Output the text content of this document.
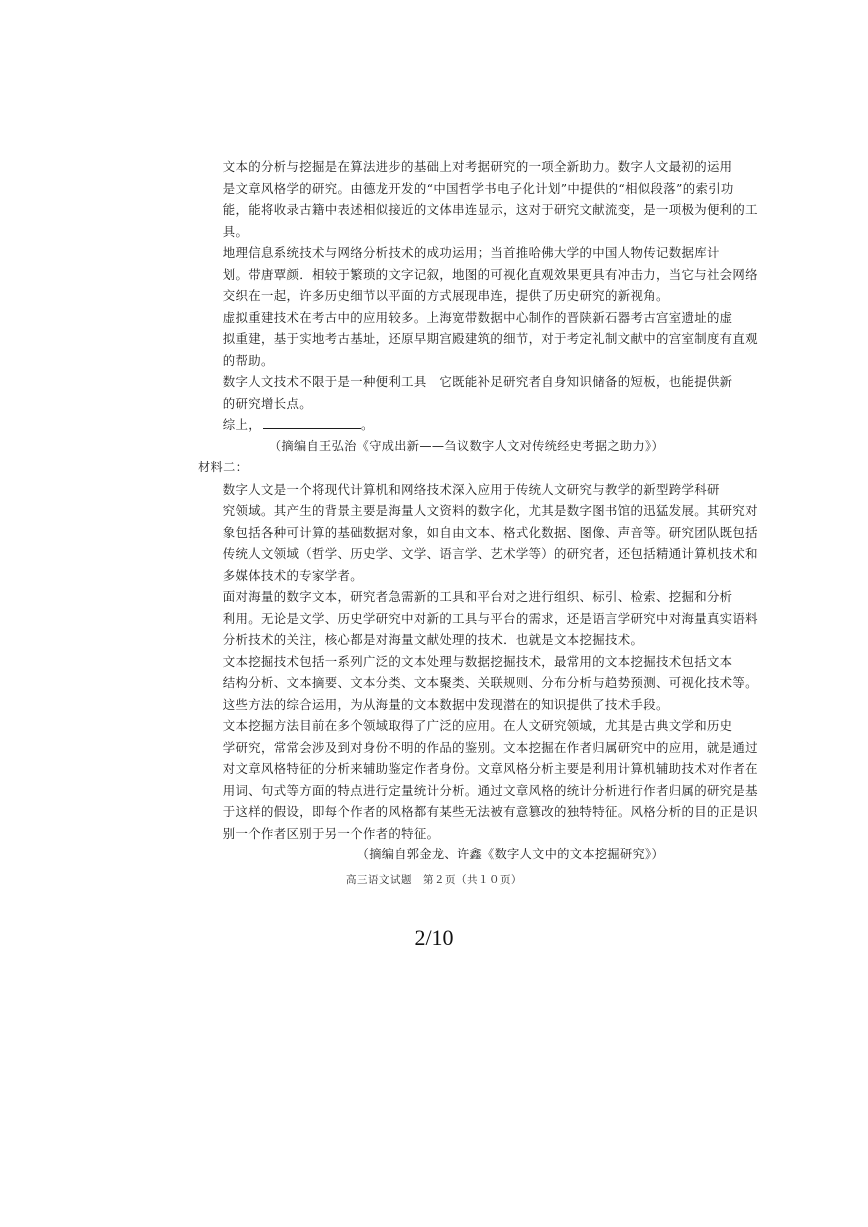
文本的分析与挖掘是在算法进步的基础上对考据研究的一项全新助力。数字人文最初的运用
是文章风格学的研究。由德龙开发的“中国哲学书电子化计划”中提供的“相似段落”的索引功
能，能将收录古籍中表述相似接近的文体串连显示，这对于研究文献流变，是一项极为便利的工
具。

地理信息系统技术与网络分析技术的成功运用；当首推哈佛大学的中国人物传记数据库计
划。带唐覃颜．相较于繁琐的文字记叙，地图的可视化直观效果更具有冲击力，当它与社会网络
交织在一起，许多历史细节以平面的方式展现串连，提供了历史研究的新视角。

虚拟重建技术在考古中的应用较多。上海宽带数据中心制作的晋陕新石器考古宫室遗址的虚
拟重建，基于实地考古基址，还原早期宫殿建筑的细节，对于考定礼制文献中的宫室制度有直观
的帮助。

数字人文技术不限于是一种便利工具　它既能补足研究者自身知识储备的短板，也能提供新
的研究增长点。

综上，	。

（摘编自王弘治《守成出新——刍议数字人文对传统经史考据之助力》）

材料二：

数字人文是一个将现代计算机和网络技术深入应用于传统人文研究与教学的新型跨学科研
究领域。其产生的背景主要是海量人文资料的数字化，尤其是数字图书馆的迅猛发展。其研究对
象包括各种可计算的基础数据对象，如自由文本、格式化数据、图像、声音等。研究团队既包括
传统人文领域（哲学、历史学、文学、语言学、艺术学等）的研究者，还包括精通计算机技术和
多媒体技术的专家学者。

面对海量的数字文本，研究者急需新的工具和平台对之进行组织、标引、检索、挖掘和分析
利用。无论是文学、历史学研究中对新的工具与平台的需求，还是语言学研究中对海量真实语料
分析技术的关注，核心都是对海量文献处理的技术．也就是文本挖掘技术。

文本挖掘技术包括一系列广泛的文本处理与数据挖掘技术，最常用的文本挖掘技术包括文本
结构分析、文本摘要、文本分类、文本聚类、关联规则、分布分析与趋势预测、可视化技术等。
这些方法的综合运用，为从海量的文本数据中发现潜在的知识提供了技术手段。

文本挖掘方法目前在多个领域取得了广泛的应用。在人文研究领域，尤其是古典文学和历史
学研究，常常会涉及到对身份不明的作品的鉴别。文本挖掘在作者归属研究中的应用，就是通过
对文章风格特征的分析来辅助鉴定作者身份。文章风格分析主要是利用计算机辅助技术对作者在
用词、句式等方面的特点进行定量统计分析。通过文章风格的统计分析进行作者归属的研究是基
于这样的假设，即每个作者的风格都有某些无法被有意篡改的独特特征。风格分析的目的正是识
别一个作者区别于另一个作者的特征。

（摘编自郭金龙、许鑫《数字人文中的文本挖掘研究》）

高三语文试题　第２页（共１０页）
2/10
